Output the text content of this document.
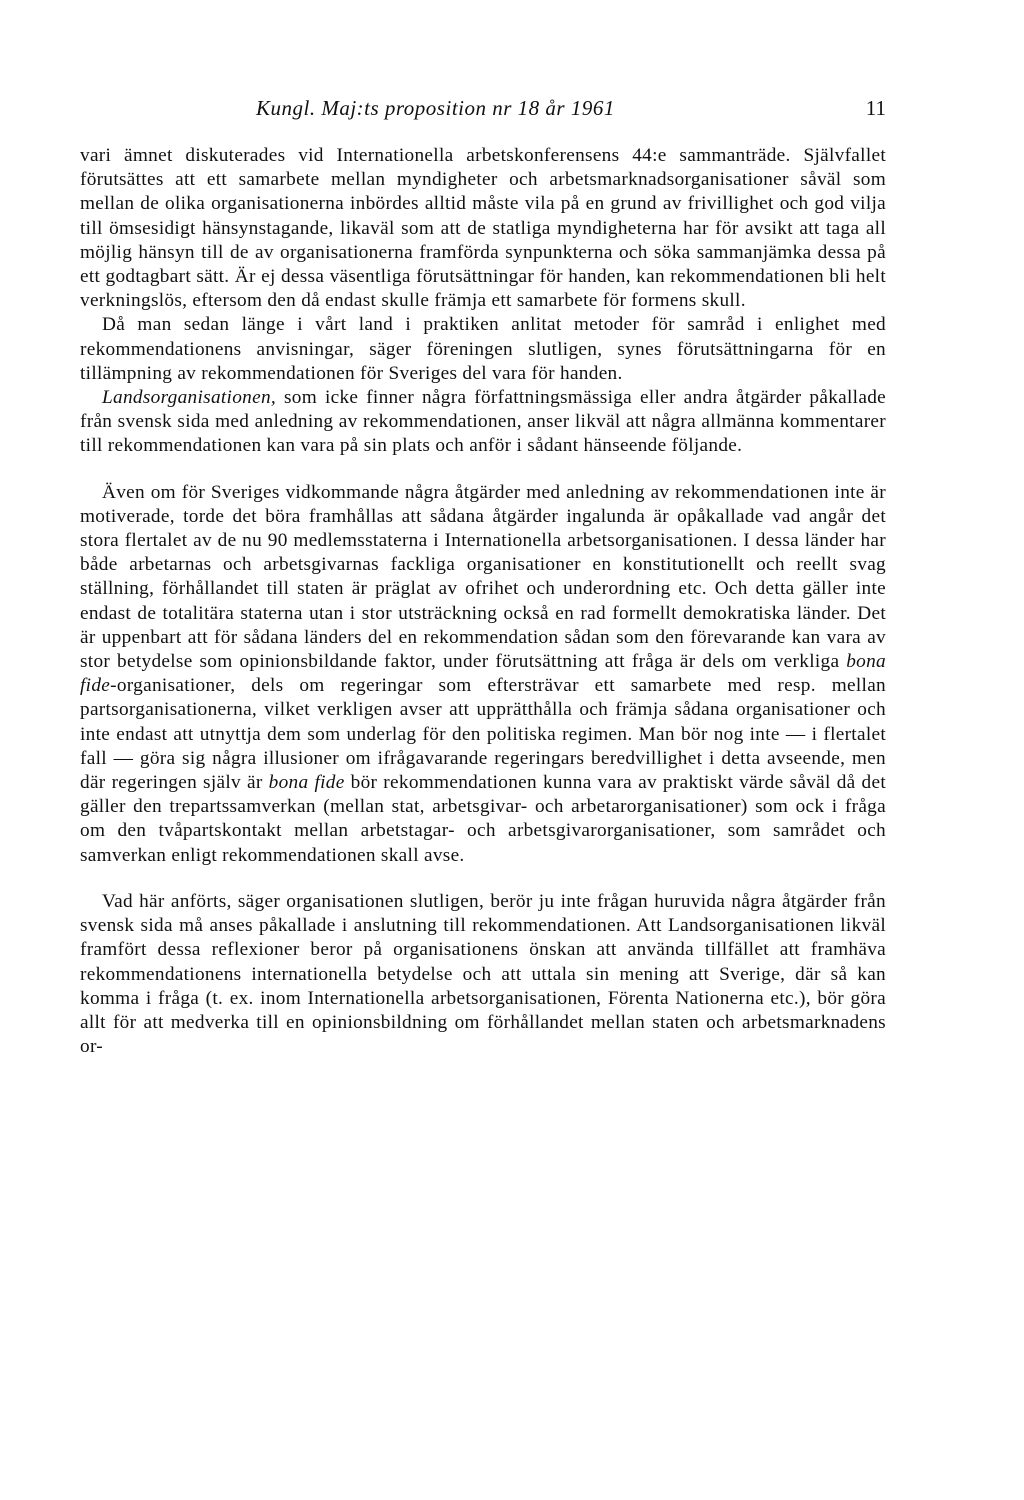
Kungl. Maj:ts proposition nr 18 år 1961	11

vari ämnet diskuterades vid Internationella arbetskonferensens 44:e sammanträde. Självfallet förutsättes att ett samarbete mellan myndigheter och arbetsmarknadsorganisationer såväl som mellan de olika organisationerna inbördes alltid måste vila på en grund av frivillighet och god vilja till ömsesidigt hänsynstagande, likaväl som att de statliga myndigheterna har för avsikt att taga all möjlig hänsyn till de av organisationerna framförda synpunkterna och söka sammanjämka dessa på ett godtagbart sätt. Är ej dessa väsentliga förutsättningar för handen, kan rekommendationen bli helt verkningslös, eftersom den då endast skulle främja ett samarbete för formens skull.

Då man sedan länge i vårt land i praktiken anlitat metoder för samråd i enlighet med rekommendationens anvisningar, säger föreningen slutligen, synes förutsättningarna för en tillämpning av rekommendationen för Sveriges del vara för handen.

Landsorganisationen, som icke finner några författningsmässiga eller andra åtgärder påkallade från svensk sida med anledning av rekommendationen, anser likväl att några allmänna kommentarer till rekommendationen kan vara på sin plats och anför i sådant hänseende följande.

Även om för Sveriges vidkommande några åtgärder med anledning av rekommendationen inte är motiverade, torde det böra framhållas att sådana åtgärder ingalunda är opåkallade vad angår det stora flertalet av de nu 90 medlemsstaterna i Internationella arbetsorganisationen. I dessa länder har både arbetarnas och arbetsgivarnas fackliga organisationer en konstitutionellt och reellt svag ställning, förhållandet till staten är präglat av ofrihet och underordning etc. Och detta gäller inte endast de totalitära staterna utan i stor utsträckning också en rad formellt demokratiska länder. Det är uppenbart att för sådana länders del en rekommendation sådan som den förevarande kan vara av stor betydelse som opinionsbildande faktor, under förutsättning att fråga är dels om verkliga bona fide-organisationer, dels om regeringar som eftersträvar ett samarbete med resp. mellan partsorganisationerna, vilket verkligen avser att upprätthålla och främja sådana organisationer och inte endast att utnyttja dem som underlag för den politiska regimen. Man bör nog inte — i flertalet fall — göra sig några illusioner om ifrågavarande regeringars beredvillighet i detta avseende, men där regeringen själv är bona fide bör rekommendationen kunna vara av praktiskt värde såväl då det gäller den trepartssamverkan (mellan stat, arbetsgivar- och arbetarorganisationer) som ock i fråga om den tvåpartskontakt mellan arbetstagar- och arbetsgivarorganisationer, som samrådet och samverkan enligt rekommendationen skall avse.

Vad här anförts, säger organisationen slutligen, berör ju inte frågan huruvida några åtgärder från svensk sida må anses påkallade i anslutning till rekommendationen. Att Landsorganisationen likväl framfört dessa reflexioner beror på organisationens önskan att använda tillfället att framhäva rekommendationens internationella betydelse och att uttala sin mening att Sverige, där så kan komma i fråga (t. ex. inom Internationella arbetsorganisationen, Förenta Nationerna etc.), bör göra allt för att medverka till en opinionsbildning om förhållandet mellan staten och arbetsmarknadens or-
